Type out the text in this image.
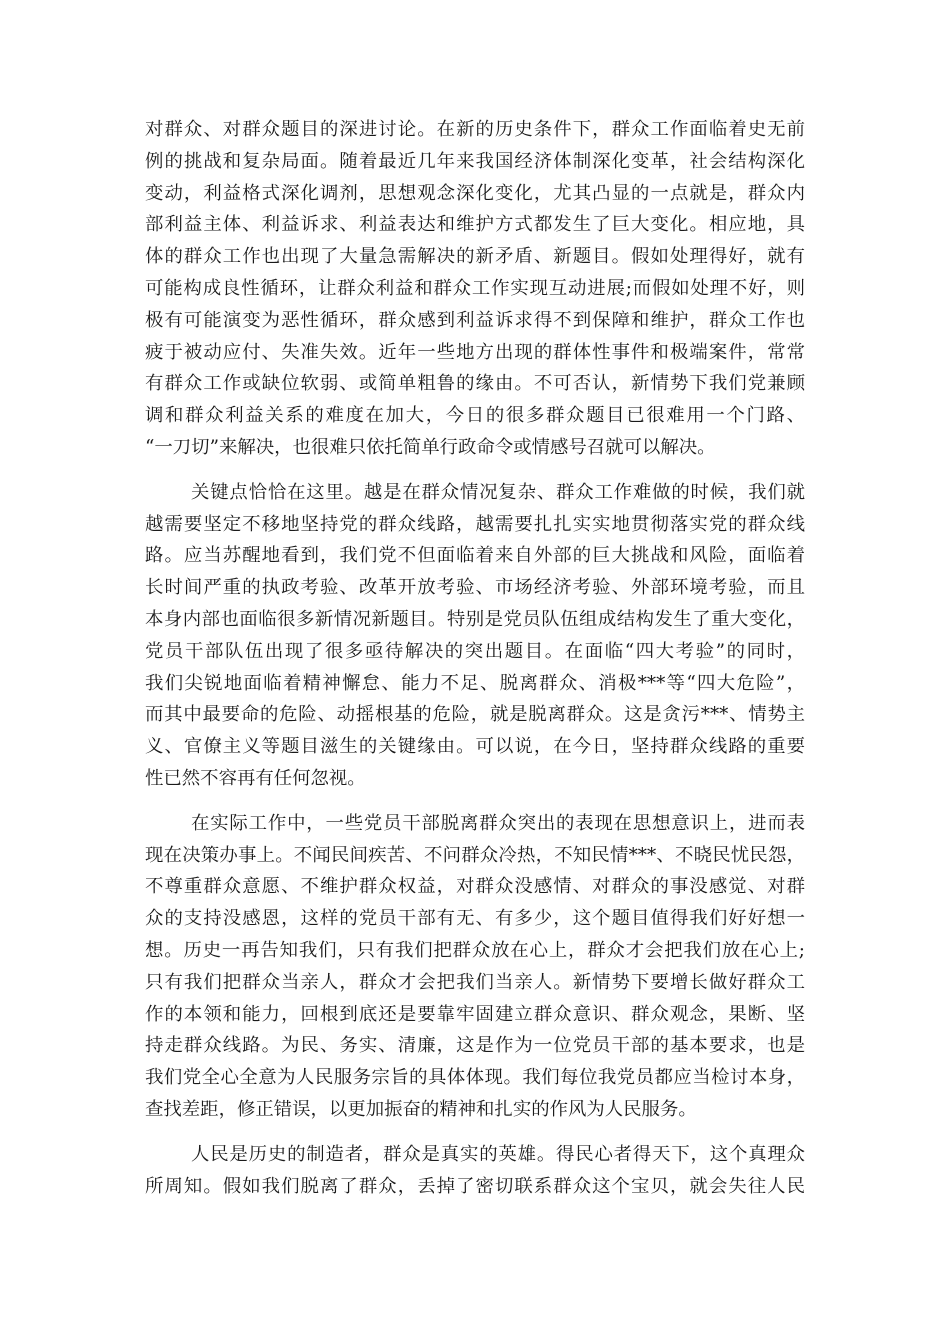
对群众、对群众题目的深进讨论。在新的历史条件下，群众工作面临着史无前
例的挑战和复杂局面。随着最近几年来我国经济体制深化变革，社会结构深化
变动，利益格式深化调剂，思想观念深化变化，尤其凸显的一点就是，群众内
部利益主体、利益诉求、利益表达和维护方式都发生了巨大变化。相应地，具
体的群众工作也出现了大量急需解决的新矛盾、新题目。假如处理得好，就有
可能构成良性循环，让群众利益和群众工作实现互动进展;而假如处理不好，则
极有可能演变为恶性循环，群众感到利益诉求得不到保障和维护，群众工作也
疲于被动应付、失准失效。近年一些地方出现的群体性事件和极端案件，常常
有群众工作或缺位软弱、或简单粗鲁的缘由。不可否认，新情势下我们党兼顾
调和群众利益关系的难度在加大，今日的很多群众题目已很难用一个门路、
“一刀切”来解决，也很难只依托简单行政命令或情感号召就可以解决。
关键点恰恰在这里。越是在群众情况复杂、群众工作难做的时候，我们就
越需要坚定不移地坚持党的群众线路，越需要扎扎实实地贯彻落实党的群众线
路。应当苏醒地看到，我们党不但面临着来自外部的巨大挑战和风险，面临着
长时间严重的执政考验、改革开放考验、市场经济考验、外部环境考验，而且
本身内部也面临很多新情况新题目。特别是党员队伍组成结构发生了重大变化，
党员干部队伍出现了很多亟待解决的突出题目。在面临“四大考验”的同时，
我们尖锐地面临着精神懈怠、能力不足、脱离群众、消极***等“四大危险”，
而其中最要命的危险、动摇根基的危险，就是脱离群众。这是贪污***、情势主
义、官僚主义等题目滋生的关键缘由。可以说，在今日，坚持群众线路的重要
性已然不容再有任何忽视。
在实际工作中，一些党员干部脱离群众突出的表现在思想意识上，进而表
现在决策办事上。不闻民间疾苦、不问群众冷热，不知民情***、不晓民忧民怨，
不尊重群众意愿、不维护群众权益，对群众没感情、对群众的事没感觉、对群
众的支持没感恩，这样的党员干部有无、有多少，这个题目值得我们好好想一
想。历史一再告知我们，只有我们把群众放在心上，群众才会把我们放在心上;
只有我们把群众当亲人，群众才会把我们当亲人。新情势下要增长做好群众工
作的本领和能力，回根到底还是要靠牢固建立群众意识、群众观念，果断、坚
持走群众线路。为民、务实、清廉，这是作为一位党员干部的基本要求，也是
我们党全心全意为人民服务宗旨的具体体现。我们每位我党员都应当检讨本身，
查找差距，修正错误，以更加振奋的精神和扎实的作风为人民服务。
人民是历史的制造者，群众是真实的英雄。得民心者得天下，这个真理众
所周知。假如我们脱离了群众，丢掉了密切联系群众这个宝贝，就会失往人民
